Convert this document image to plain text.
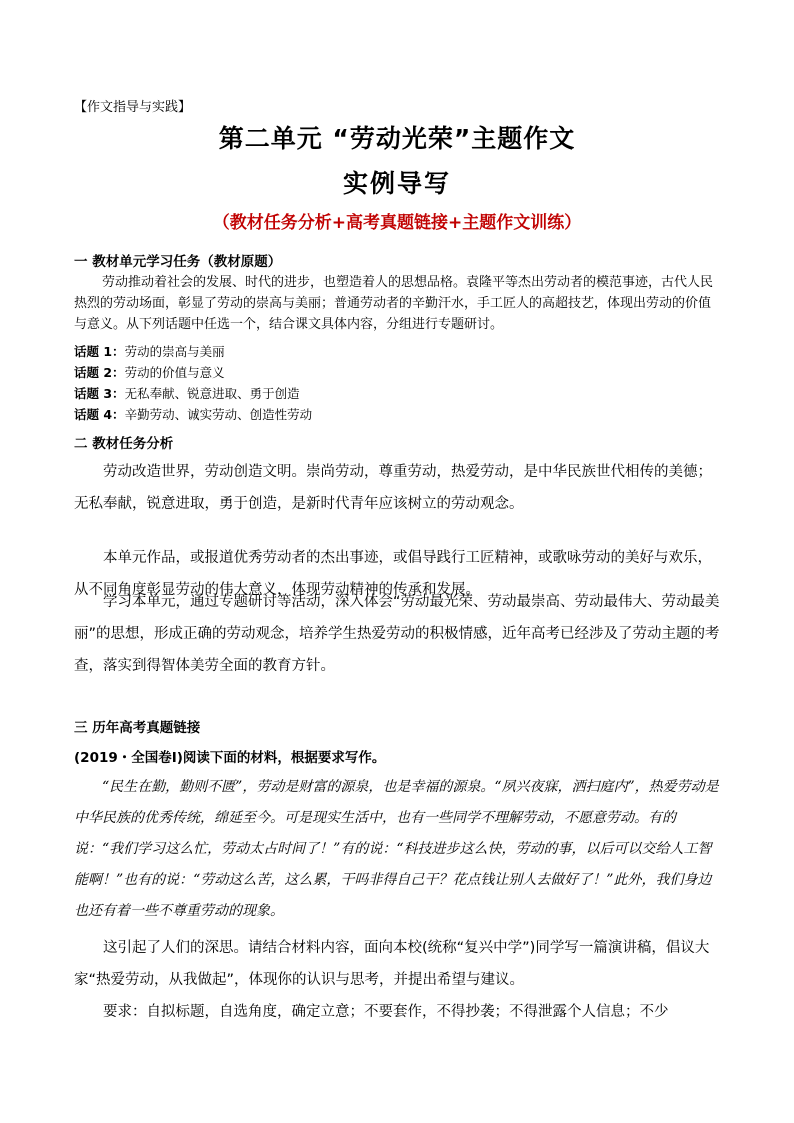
【作文指导与实践】
第二单元 “劳动光荣”主题作文
实例导写
（教材任务分析+高考真题链接+主题作文训练）
一 教材单元学习任务（教材原题）
劳动推动着社会的发展、时代的进步，也塑造着人的思想品格。袁隆平等杰出劳动者的模范事迹，古代人民热烈的劳动场面，彰显了劳动的崇高与美丽；普通劳动者的辛勤汗水，手工匠人的高超技艺，体现出劳动的价值与意义。从下列话题中任选一个，结合课文具体内容，分组进行专题研讨。
话题 1：劳动的崇高与美丽
话题 2：劳动的价值与意义
话题 3：无私奉献、锐意进取、勇于创造
话题 4：辛勤劳动、诚实劳动、创造性劳动
二 教材任务分析
劳动改造世界，劳动创造文明。崇尚劳动，尊重劳动，热爱劳动，是中华民族世代相传的美德；无私奉献，锐意进取，勇于创造，是新时代青年应该树立的劳动观念。
本单元作品，或报道优秀劳动者的杰出事迹，或倡导践行工匠精神，或歌咏劳动的美好与欢乐，从不同角度彰显劳动的伟大意义，体现劳动精神的传承和发展。
学习本单元，通过专题研讨等活动，深入体会“劳动最光荣、劳动最崇高、劳动最伟大、劳动最美丽”的思想，形成正确的劳动观念，培养学生热爱劳动的积极情感，近年高考已经涉及了劳动主题的考查，落实到得智体美劳全面的教育方针。
三 历年高考真题链接
(2019・全国卷Ⅰ)阅读下面的材料，根据要求写作。
“民生在勤，勤则不匮”，劳动是财富的源泉，也是幸福的源泉。“夙兴夜寐，洒扫庭内”，热爱劳动是中华民族的优秀传统，绵延至今。可是现实生活中，也有一些同学不理解劳动，不愿意劳动。有的说：“我们学习这么忙，劳动太占时间了！”有的说：“科技进步这么快，劳动的事，以后可以交给人工智能啊！”也有的说：“劳动这么苦，这么累，干吗非得自己干？花点钱让别人去做好了！”此外，我们身边也还有着一些不尊重劳动的现象。
这引起了人们的深思。请结合材料内容，面向本校(统称“复兴中学”)同学写一篇演讲稿，倡议大家“热爱劳动，从我做起”，体现你的认识与思考，并提出希望与建议。
要求：自拟标题，自选角度，确定立意；不要套作，不得抄袭；不得泄露个人信息；不少
